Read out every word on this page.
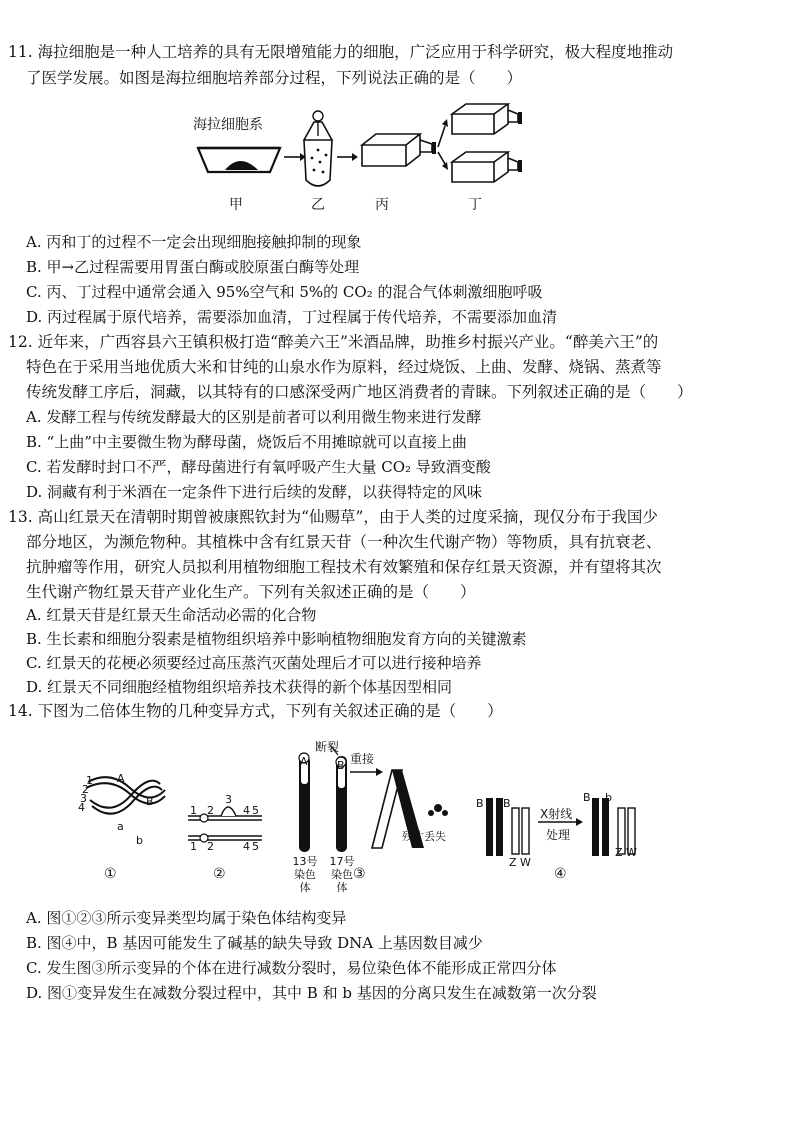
11. 海拉细胞是一种人工培养的具有无限增殖能力的细胞，广泛应用于科学研究，极大程度地推动
了医学发展。如图是海拉细胞培养部分过程，下列说法正确的是（　　）
海拉细胞系
甲	乙	丙	丁
A. 丙和丁的过程不一定会出现细胞接触抑制的现象
B. 甲→乙过程需要用胃蛋白酶或胶原蛋白酶等处理
C. 丙、丁过程中通常会通入 95%空气和 5%的 CO₂ 的混合气体刺激细胞呼吸
D. 丙过程属于原代培养，需要添加血清，丁过程属于传代培养，不需要添加血清
12. 近年来，广西容县六王镇积极打造“醉美六王”米酒品牌，助推乡村振兴产业。“醉美六王”的
特色在于采用当地优质大米和甘纯的山泉水作为原料，经过烧饭、上曲、发酵、烧锅、蒸煮等
传统发酵工序后，洞藏，以其特有的口感深受两广地区消费者的青睐。下列叙述正确的是（　　）
A. 发酵工程与传统发酵最大的区别是前者可以利用微生物来进行发酵
B. “上曲”中主要微生物为酵母菌，烧饭后不用摊晾就可以直接上曲
C. 若发酵时封口不严，酵母菌进行有氧呼吸产生大量 CO₂ 导致酒变酸
D. 洞藏有利于米酒在一定条件下进行后续的发酵，以获得特定的风味
13. 高山红景天在清朝时期曾被康熙钦封为“仙赐草”，由于人类的过度采摘，现仅分布于我国少
部分地区，为濒危物种。其植株中含有红景天苷（一种次生代谢产物）等物质，具有抗衰老、
抗肿瘤等作用，研究人员拟利用植物细胞工程技术有效繁殖和保存红景天资源，并有望将其次
生代谢产物红景天苷产业化生产。下列有关叙述正确的是（　　）
A. 红景天苷是红景天生命活动必需的化合物
B. 生长素和细胞分裂素是植物组织培养中影响植物细胞发育方向的关键激素
C. 红景天的花梗必须要经过高压蒸汽灭菌处理后才可以进行接种培养
D. 红景天不同细胞经植物组织培养技术获得的新个体基因型相同
14. 下图为二倍体生物的几种变异方式，下列有关叙述正确的是（　　）
1
2
3
4
A
a
B
b
1 2
3
4 5
1 2	4 5
断裂
A	B 重接
残片丢失
13号染色体
17号染色体
B B
X射线
处理
B b
Z W
Z W
①	②	③	④
A. 图①②③所示变异类型均属于染色体结构变异
B. 图④中，B 基因可能发生了碱基的缺失导致 DNA 上基因数目减少
C. 发生图③所示变异的个体在进行减数分裂时，易位染色体不能形成正常四分体
D. 图①变异发生在减数分裂过程中，其中 B 和 b 基因的分离只发生在减数第一次分裂
